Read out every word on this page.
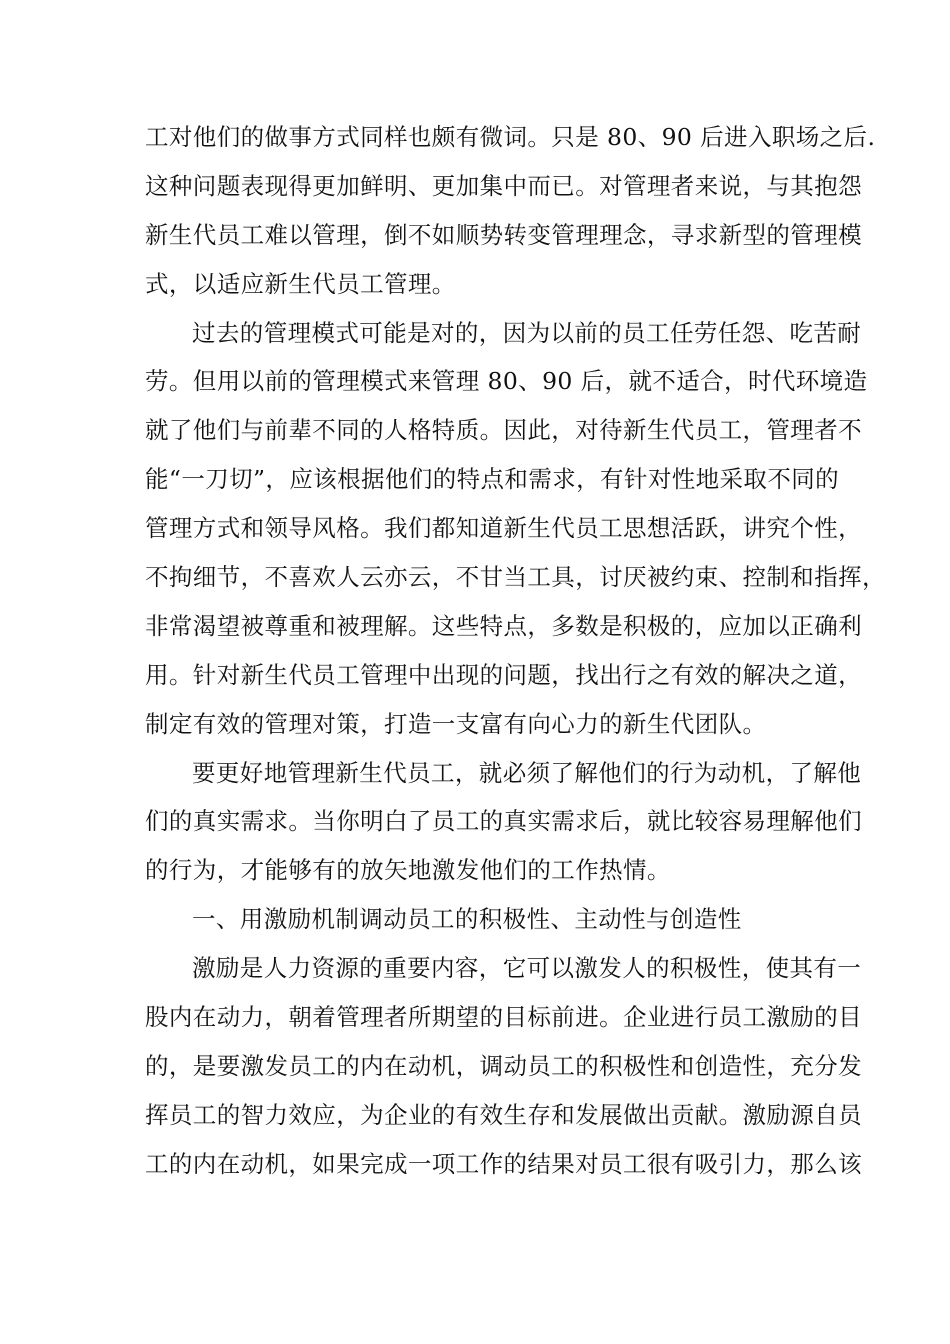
工对他们的做事方式同样也颇有微词。只是 80、90 后进入职场之后.
这种问题表现得更加鲜明、更加集中而已。对管理者来说，与其抱怨
新生代员工难以管理，倒不如顺势转变管理理念，寻求新型的管理模
式，以适应新生代员工管理。
过去的管理模式可能是对的，因为以前的员工任劳任怨、吃苦耐
劳。但用以前的管理模式来管理 80、90 后，就不适合，时代环境造
就了他们与前辈不同的人格特质。因此，对待新生代员工，管理者不
能“一刀切”，应该根据他们的特点和需求，有针对性地采取不同的
管理方式和领导风格。我们都知道新生代员工思想活跃，讲究个性，
不拘细节，不喜欢人云亦云，不甘当工具，讨厌被约束、控制和指挥，
非常渴望被尊重和被理解。这些特点，多数是积极的，应加以正确利
用。针对新生代员工管理中出现的问题，找出行之有效的解决之道，
制定有效的管理对策，打造一支富有向心力的新生代团队。
要更好地管理新生代员工，就必须了解他们的行为动机，了解他
们的真实需求。当你明白了员工的真实需求后，就比较容易理解他们
的行为，才能够有的放矢地激发他们的工作热情。
一、用激励机制调动员工的积极性、主动性与创造性
激励是人力资源的重要内容，它可以激发人的积极性，使其有一
股内在动力，朝着管理者所期望的目标前进。企业进行员工激励的目
的，是要激发员工的内在动机，调动员工的积极性和创造性，充分发
挥员工的智力效应，为企业的有效生存和发展做出贡献。激励源自员
工的内在动机，如果完成一项工作的结果对员工很有吸引力，那么该
